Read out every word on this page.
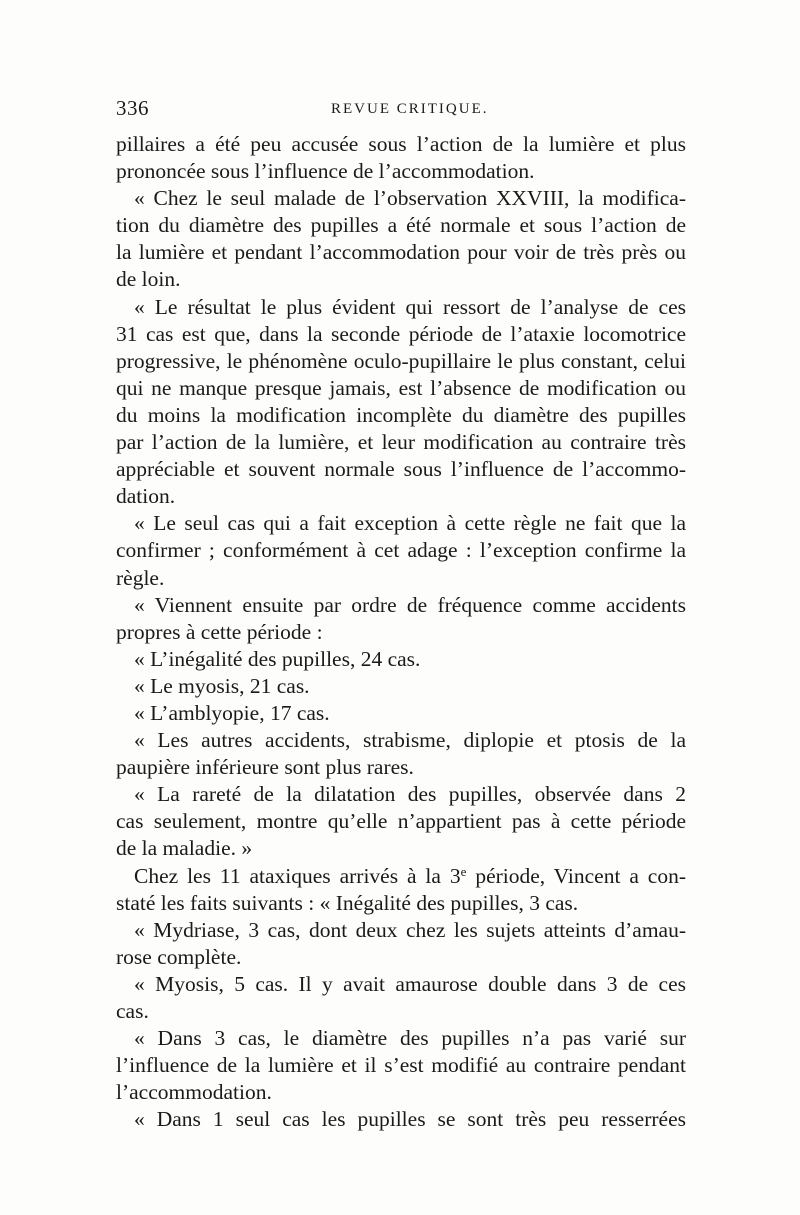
336	REVUE CRITIQUE.
pillaires a été peu accusée sous l’action de la lumière et plus
prononcée sous l’influence de l’accommodation.
« Chez le seul malade de l’observation XXVIII, la modifica-
tion du diamètre des pupilles a été normale et sous l’action de
la lumière et pendant l’accommodation pour voir de très près ou
de loin.
« Le résultat le plus évident qui ressort de l’analyse de ces
31 cas est que, dans la seconde période de l’ataxie locomotrice
progressive, le phénomène oculo-pupillaire le plus constant, celui
qui ne manque presque jamais, est l’absence de modification ou
du moins la modification incomplète du diamètre des pupilles
par l’action de la lumière, et leur modification au contraire très
appréciable et souvent normale sous l’influence de l’accommo-
dation.
« Le seul cas qui a fait exception à cette règle ne fait que la
confirmer ; conformément à cet adage : l’exception confirme la
règle.
« Viennent ensuite par ordre de fréquence comme accidents
propres à cette période :
« L’inégalité des pupilles, 24 cas.
« Le myosis, 21 cas.
« L’amblyopie, 17 cas.
« Les autres accidents, strabisme, diplopie et ptosis de la
paupière inférieure sont plus rares.
« La rareté de la dilatation des pupilles, observée dans 2
cas seulement, montre qu’elle n’appartient pas à cette période
de la maladie. »
Chez les 11 ataxiques arrivés à la 3e période, Vincent a con-
staté les faits suivants : « Inégalité des pupilles, 3 cas.
« Mydriase, 3 cas, dont deux chez les sujets atteints d’amau-
rose complète.
« Myosis, 5 cas. Il y avait amaurose double dans 3 de ces
cas.
« Dans 3 cas, le diamètre des pupilles n’a pas varié sur
l’influence de la lumière et il s’est modifié au contraire pendant
l’accommodation.
« Dans 1 seul cas les pupilles se sont très peu resserrées
